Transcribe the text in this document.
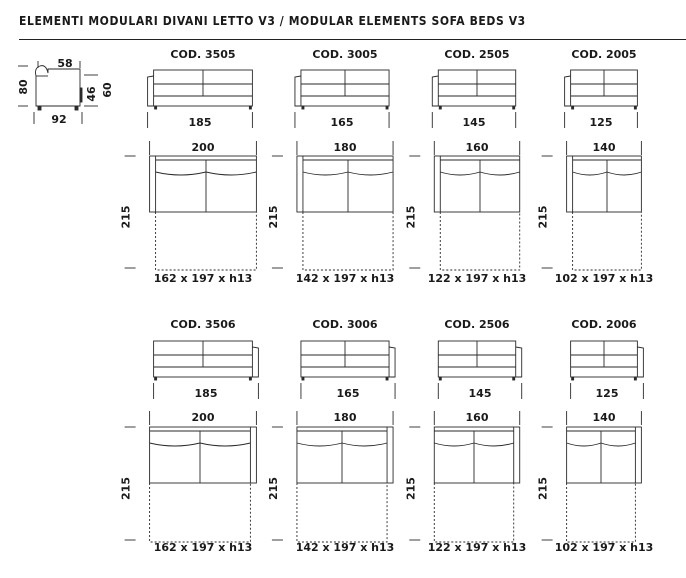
ELEMENTI MODULARI DIVANI LETTO V3 / MODULAR ELEMENTS SOFA BEDS V3
58
80	46 60
92
COD. 3505
185
200
215
162 x 197 x h13
COD. 3005
165
180
215
142 x 197 x h13
COD. 2505
145
160
215
122 x 197 x h13
COD. 2005
125
140
215
102 x 197 x h13
COD. 3506
185
200
215
162 x 197 x h13
COD. 3006
165
180
215
142 x 197 x h13
COD. 2506
145
160
215
122 x 197 x h13
COD. 2006
125
140
215
102 x 197 x h13
